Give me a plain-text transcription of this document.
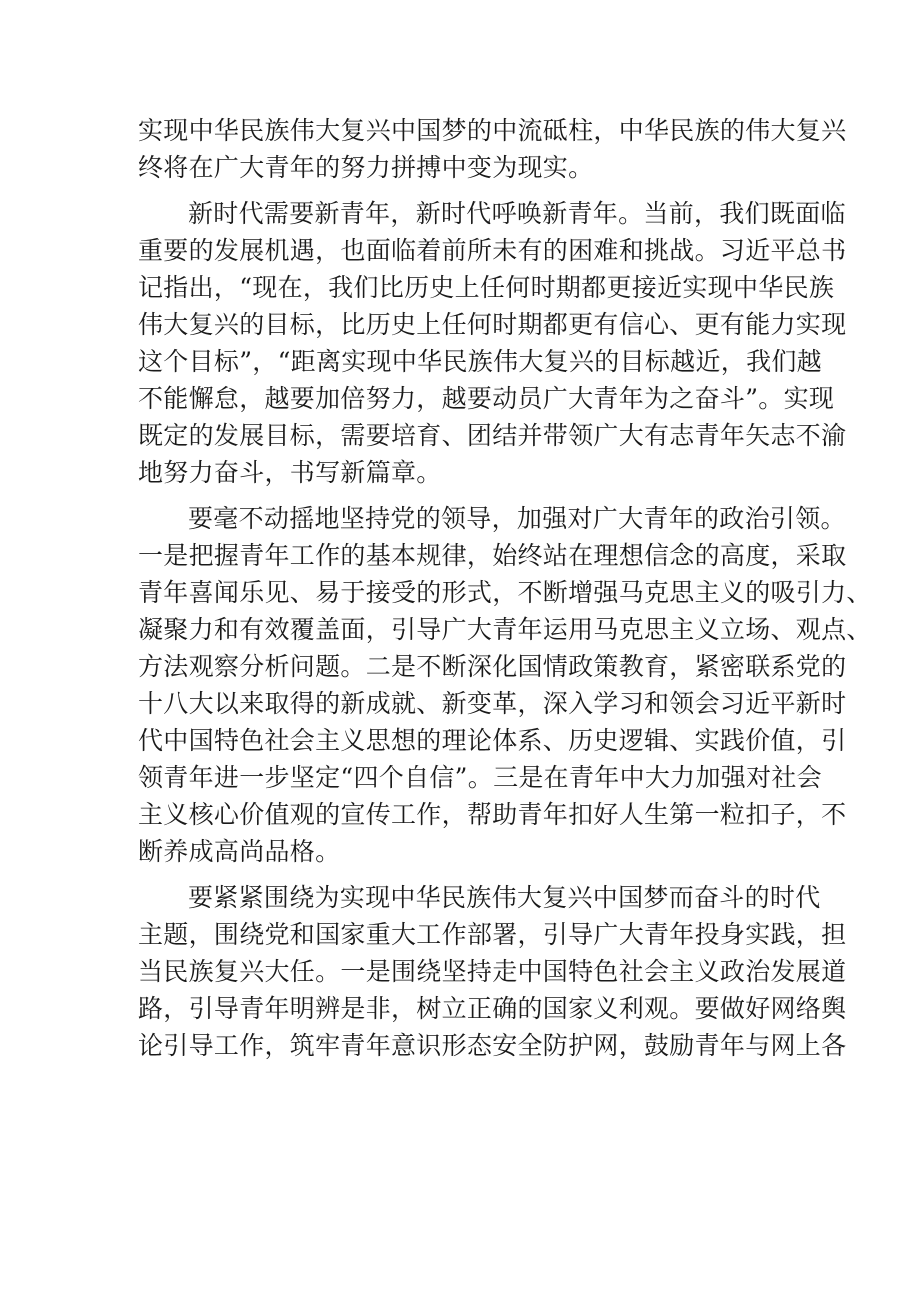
实现中华民族伟大复兴中国梦的中流砥柱，中华民族的伟大复兴
终将在广大青年的努力拼搏中变为现实。
新时代需要新青年，新时代呼唤新青年。当前，我们既面临
重要的发展机遇，也面临着前所未有的困难和挑战。习近平总书
记指出，“现在，我们比历史上任何时期都更接近实现中华民族
伟大复兴的目标，比历史上任何时期都更有信心、更有能力实现
这个目标”，“距离实现中华民族伟大复兴的目标越近，我们越
不能懈怠，越要加倍努力，越要动员广大青年为之奋斗”。实现
既定的发展目标，需要培育、团结并带领广大有志青年矢志不渝
地努力奋斗，书写新篇章。
要毫不动摇地坚持党的领导，加强对广大青年的政治引领。
一是把握青年工作的基本规律，始终站在理想信念的高度，采取
青年喜闻乐见、易于接受的形式，不断增强马克思主义的吸引力、
凝聚力和有效覆盖面，引导广大青年运用马克思主义立场、观点、
方法观察分析问题。二是不断深化国情政策教育，紧密联系党的
十八大以来取得的新成就、新变革，深入学习和领会习近平新时
代中国特色社会主义思想的理论体系、历史逻辑、实践价值，引
领青年进一步坚定“四个自信”。三是在青年中大力加强对社会
主义核心价值观的宣传工作，帮助青年扣好人生第一粒扣子，不
断养成高尚品格。
要紧紧围绕为实现中华民族伟大复兴中国梦而奋斗的时代
主题，围绕党和国家重大工作部署，引导广大青年投身实践，担
当民族复兴大任。一是围绕坚持走中国特色社会主义政治发展道
路，引导青年明辨是非，树立正确的国家义利观。要做好网络舆
论引导工作，筑牢青年意识形态安全防护网，鼓励青年与网上各
